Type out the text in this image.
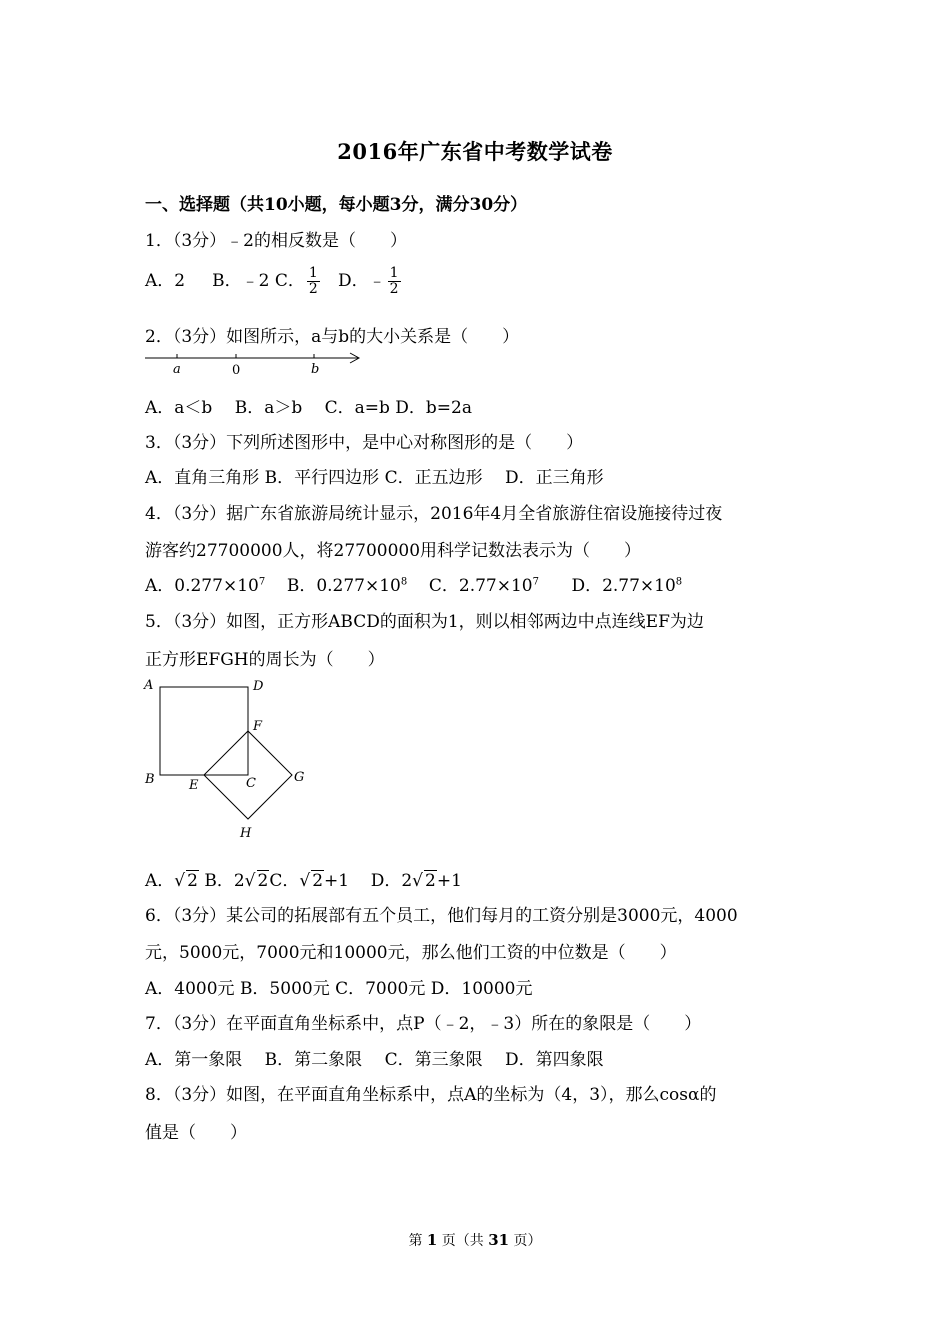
2016年广东省中考数学试卷
一、选择题（共10小题，每小题3分，满分30分）
1．（3分）﹣2的相反数是（　　）
A．2 B．﹣2 C． $\frac{1}{2}$ D．﹣ $\frac{1}{2}$
2．（3分）如图所示，a与b的大小关系是（　　）
a	0	b
A．a＜b　 B．a＞b　 C．a=b D．b=2a
3．（3分）下列所述图形中，是中心对称图形的是（　　）
A．直角三角形 B．平行四边形 C．正五边形　 D．正三角形
4．（3分）据广东省旅游局统计显示，2016年4月全省旅游住宿设施接待过夜
游客约27700000人，将27700000用科学记数法表示为（　　）
A．$0.277\times 10^7$ B．$0.277\times 10^8$ C．$2.77\times 10^7$ D．$2.77\times 10^8$
5．（3分）如图，正方形ABCD的面积为1，则以相邻两边中点连线EF为边
正方形EFGH的周长为（　　）
A	D
F
B	E	C	G
H
A．√ 2 B．2√ 2C．√ 2+1 D．2√ 2+1
6．（3分）某公司的拓展部有五个员工，他们每月的工资分别是3000元，4000
元，5000元，7000元和10000元，那么他们工资的中位数是（　　）
A．4000元 B．5000元 C．7000元 D．10000元
7．（3分）在平面直角坐标系中，点P（﹣2，﹣3）所在的象限是（　　）
A．第一象限　 B．第二象限　 C．第三象限　 D．第四象限
8．（3分）如图，在平面直角坐标系中，点A的坐标为（4，3），那么cosα的
值是（　　）
第 1 页（共 31 页）
